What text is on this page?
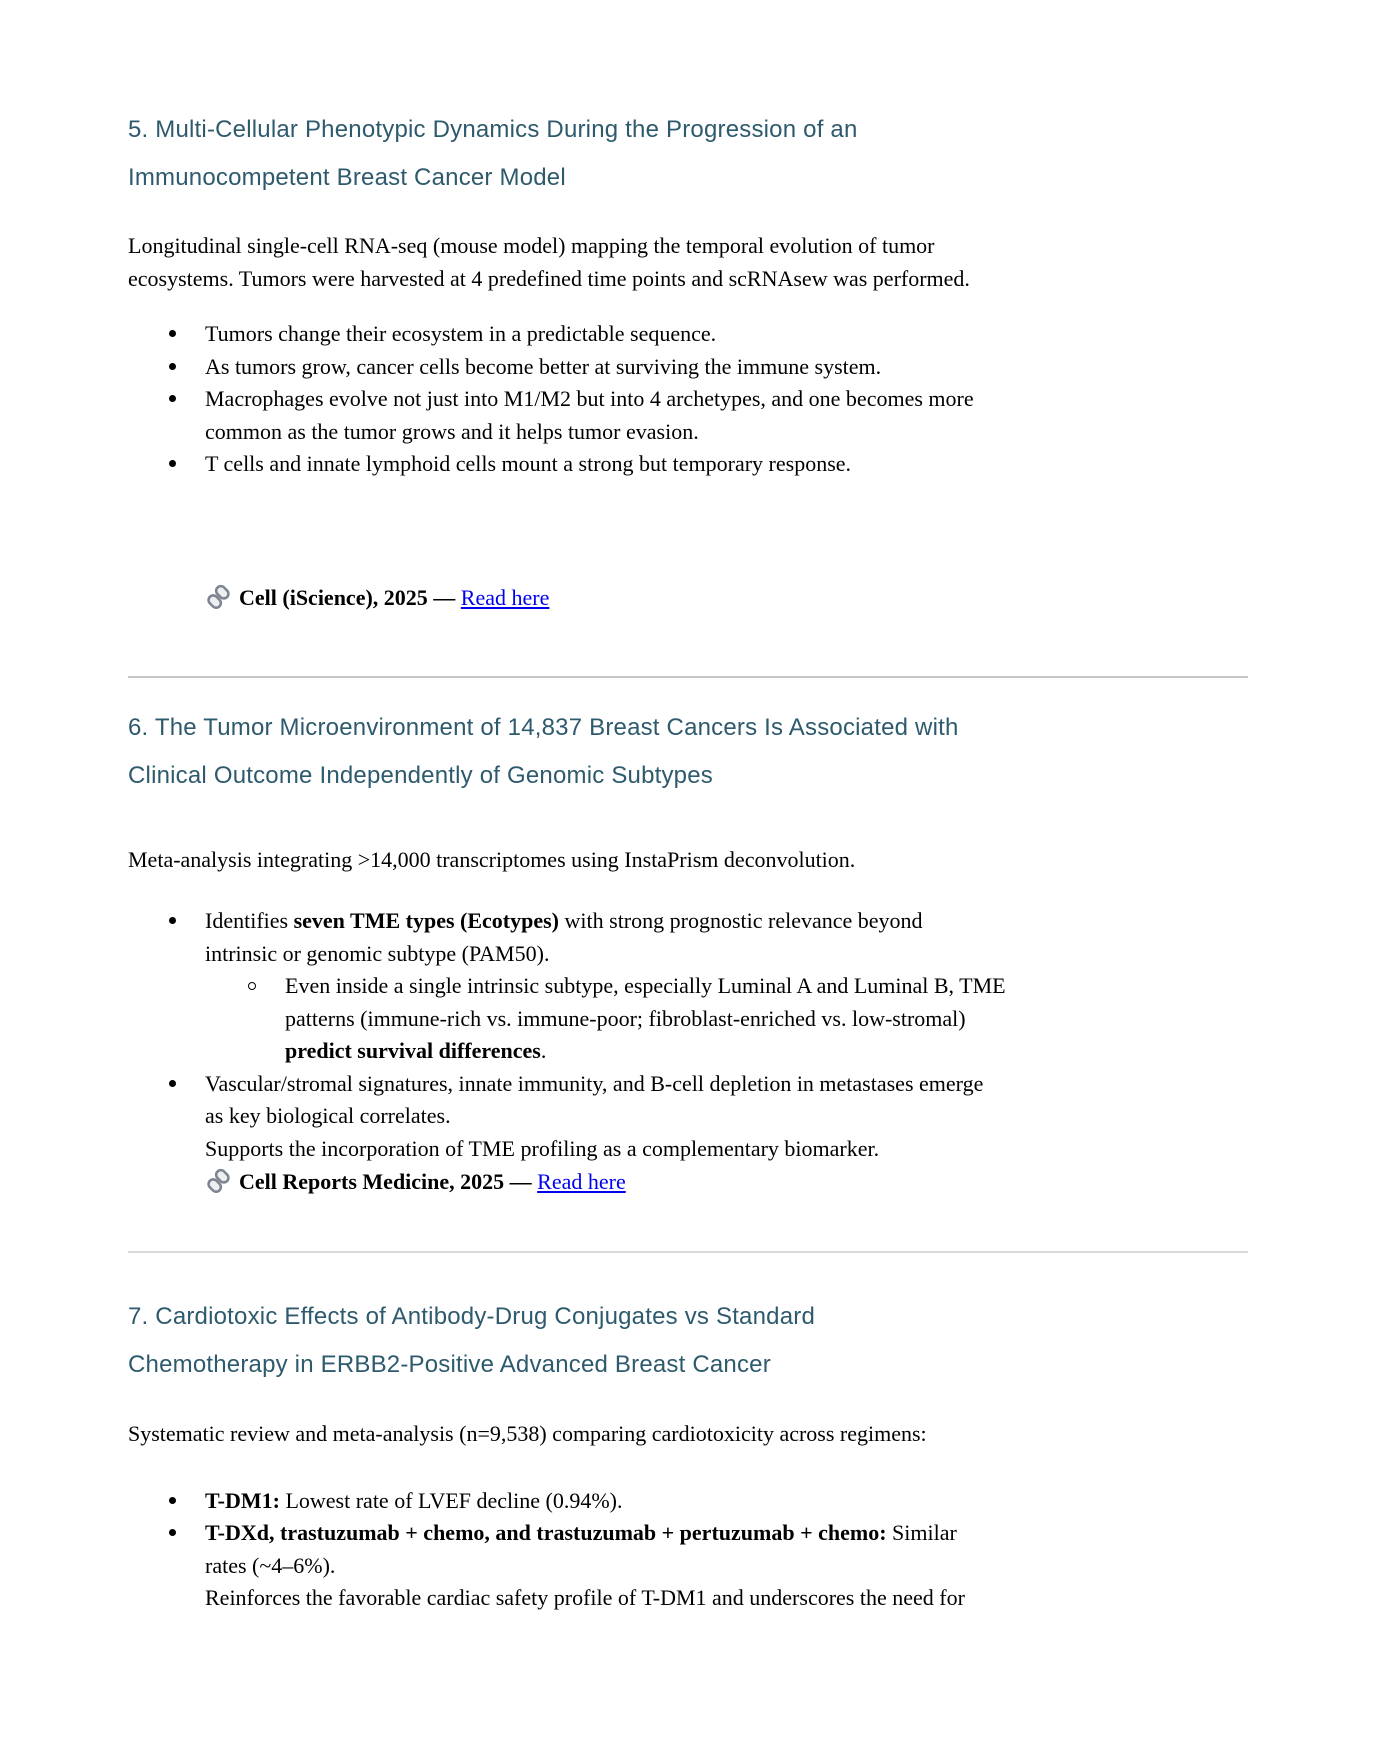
5. Multi-Cellular Phenotypic Dynamics During the Progression of an
Immunocompetent Breast Cancer Model
Longitudinal single-cell RNA-seq (mouse model) mapping the temporal evolution of tumor
ecosystems. Tumors were harvested at 4 predefined time points and scRNAsew was performed.
Tumors change their ecosystem in a predictable sequence.
As tumors grow, cancer cells become better at surviving the immune system.
Macrophages evolve not just into M1/M2 but into 4 archetypes, and one becomes more
common as the tumor grows and it helps tumor evasion.
T cells and innate lymphoid cells mount a strong but temporary response.
Cell (iScience), 2025 — Read here
6. The Tumor Microenvironment of 14,837 Breast Cancers Is Associated with
Clinical Outcome Independently of Genomic Subtypes
Meta-analysis integrating >14,000 transcriptomes using InstaPrism deconvolution.
Identifies seven TME types (Ecotypes) with strong prognostic relevance beyond
intrinsic or genomic subtype (PAM50).
Even inside a single intrinsic subtype, especially Luminal A and Luminal B, TME
patterns (immune-rich vs. immune-poor; fibroblast-enriched vs. low-stromal)
predict survival differences.
Vascular/stromal signatures, innate immunity, and B-cell depletion in metastases emerge
as key biological correlates.
Supports the incorporation of TME profiling as a complementary biomarker.
Cell Reports Medicine, 2025 — Read here
7. Cardiotoxic Effects of Antibody-Drug Conjugates vs Standard
Chemotherapy in ERBB2-Positive Advanced Breast Cancer
Systematic review and meta-analysis (n=9,538) comparing cardiotoxicity across regimens:
T-DM1: Lowest rate of LVEF decline (0.94%).
T-DXd, trastuzumab + chemo, and trastuzumab + pertuzumab + chemo: Similar
rates (~4–6%).
Reinforces the favorable cardiac safety profile of T-DM1 and underscores the need for
